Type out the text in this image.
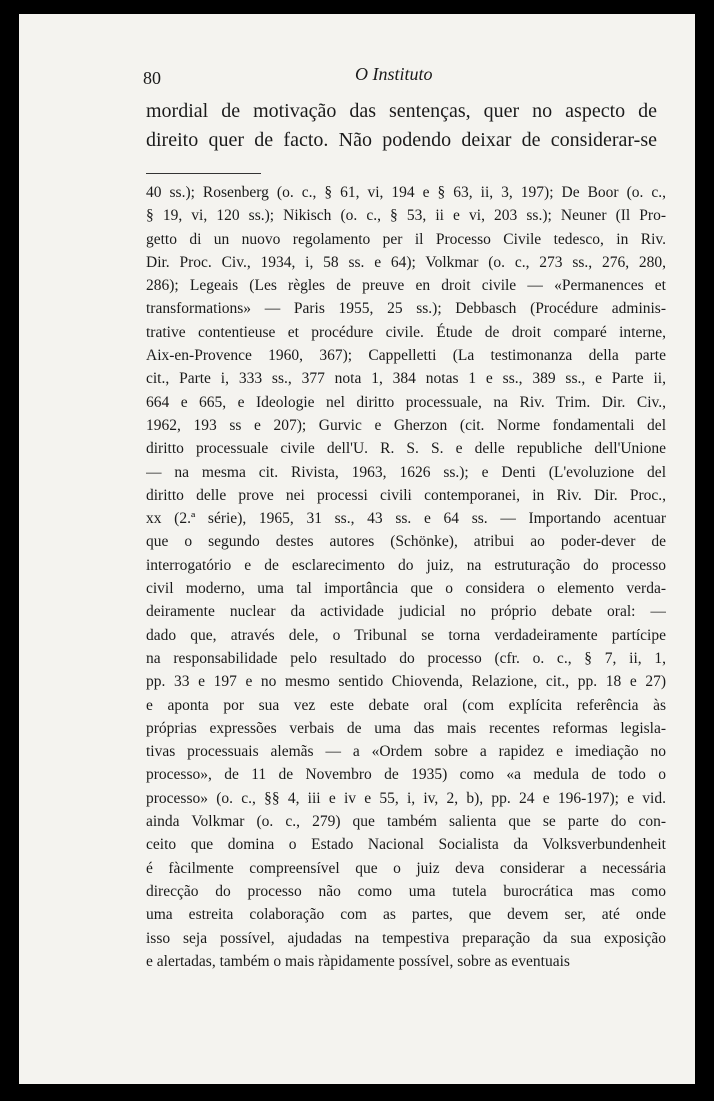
80	O Instituto

mordial de motivação das sentenças, quer no aspecto de
direito quer de facto. Não podendo deixar de considerar-se
40 ss.); Rosenberg (o. c., § 61, vi, 194 e § 63, ii, 3, 197); De Boor (o. c.,
§ 19, vi, 120 ss.); Nikisch (o. c., § 53, ii e vi, 203 ss.); Neuner (Il Pro-
getto di un nuovo regolamento per il Processo Civile tedesco, in Riv.
Dir. Proc. Civ., 1934, i, 58 ss. e 64); Volkmar (o. c., 273 ss., 276, 280,
286); Legeais (Les règles de preuve en droit civile — «Permanences et
transformations» — Paris 1955, 25 ss.); Debbasch (Procédure adminis-
trative contentieuse et procédure civile. Étude de droit comparé interne,
Aix-en-Provence 1960, 367); Cappelletti (La testimonanza della parte
cit., Parte i, 333 ss., 377 nota 1, 384 notas 1 e ss., 389 ss., e Parte ii,
664 e 665, e Ideologie nel diritto processuale, na Riv. Trim. Dir. Civ.,
1962, 193 ss e 207); Gurvic e Gherzon (cit. Norme fondamentali del
diritto processuale civile dell'U. R. S. S. e delle republiche dell'Unione
— na mesma cit. Rivista, 1963, 1626 ss.); e Denti (L'evoluzione del
diritto delle prove nei processi civili contemporanei, in Riv. Dir. Proc.,
xx (2.ª série), 1965, 31 ss., 43 ss. e 64 ss. — Importando acentuar
que o segundo destes autores (Schönke), atribui ao poder-dever de
interrogatório e de esclarecimento do juiz, na estruturação do processo
civil moderno, uma tal importância que o considera o elemento verda-
deiramente nuclear da actividade judicial no próprio debate oral: —
dado que, através dele, o Tribunal se torna verdadeiramente partícipe
na responsabilidade pelo resultado do processo (cfr. o. c., § 7, ii, 1,
pp. 33 e 197 e no mesmo sentido Chiovenda, Relazione, cit., pp. 18 e 27)
e aponta por sua vez este debate oral (com explícita referência às
próprias expressões verbais de uma das mais recentes reformas legisla-
tivas processuais alemãs — a «Ordem sobre a rapidez e imediação no
processo», de 11 de Novembro de 1935) como «a medula de todo o
processo» (o. c., §§ 4, iii e iv e 55, i, iv, 2, b), pp. 24 e 196-197); e vid.
ainda Volkmar (o. c., 279) que também salienta que se parte do con-
ceito que domina o Estado Nacional Socialista da Volksverbundenheit
é fàcilmente compreensível que o juiz deva considerar a necessária
direcção do processo não como uma tutela burocrática mas como
uma estreita colaboração com as partes, que devem ser, até onde
isso seja possível, ajudadas na tempestiva preparação da sua exposição
e alertadas, também o mais ràpidamente possível, sobre as eventuais
